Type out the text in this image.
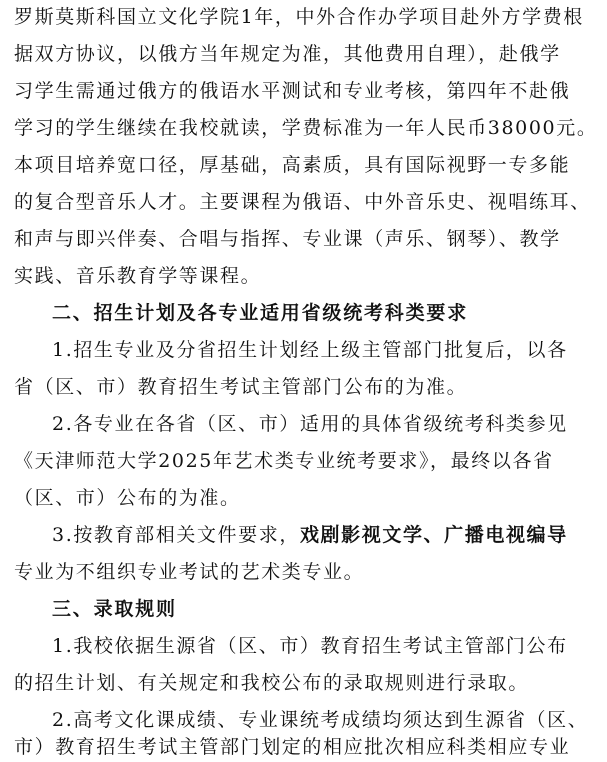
罗斯莫斯科国立文化学院1年，中外合作办学项目赴外方学费根
据双方协议，以俄方当年规定为准，其他费用自理），赴俄学
习学生需通过俄方的俄语水平测试和专业考核，第四年不赴俄
学习的学生继续在我校就读，学费标准为一年人民币38000元。
本项目培养宽口径，厚基础，高素质，具有国际视野一专多能
的复合型音乐人才。主要课程为俄语、中外音乐史、视唱练耳、
和声与即兴伴奏、合唱与指挥、专业课（声乐、钢琴）、教学
实践、音乐教育学等课程。
二、招生计划及各专业适用省级统考科类要求
1.招生专业及分省招生计划经上级主管部门批复后，以各
省（区、市）教育招生考试主管部门公布的为准。
2.各专业在各省（区、市）适用的具体省级统考科类参见
《天津师范大学2025年艺术类专业统考要求》，最终以各省
（区、市）公布的为准。
3.按教育部相关文件要求，戏剧影视文学、广播电视编导
专业为不组织专业考试的艺术类专业。
三、录取规则
1.我校依据生源省（区、市）教育招生考试主管部门公布
的招生计划、有关规定和我校公布的录取规则进行录取。
2.高考文化课成绩、专业课统考成绩均须达到生源省（区、
市）教育招生考试主管部门划定的相应批次相应科类相应专业
